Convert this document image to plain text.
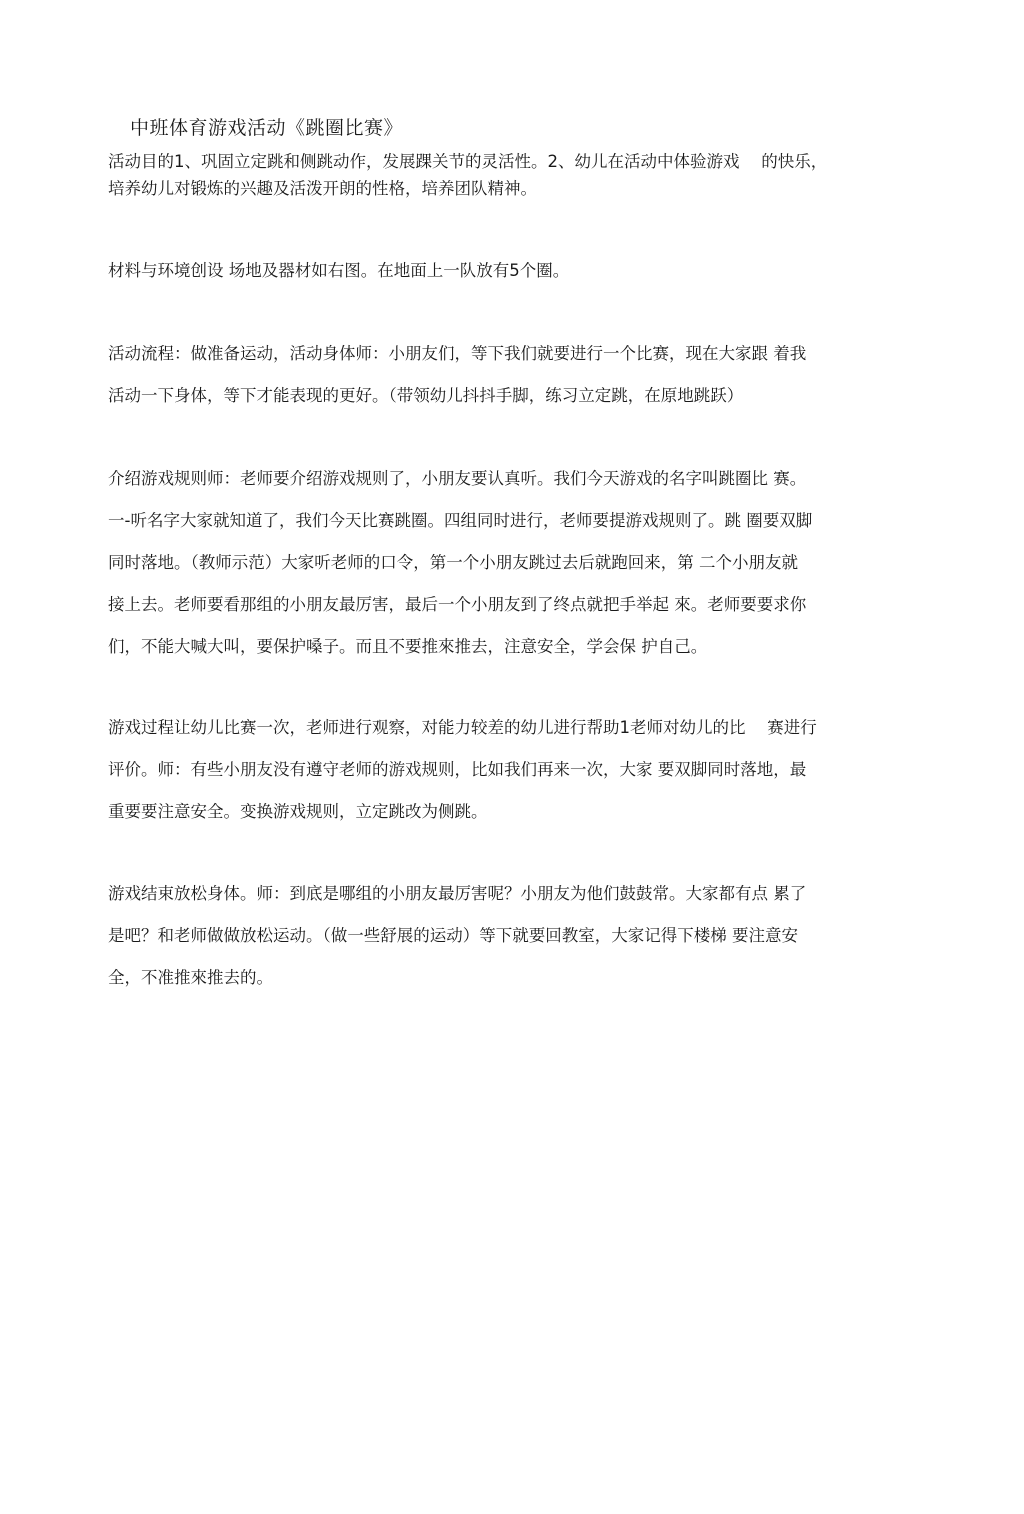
中班体育游戏活动《跳圈比赛》
活动目的1、巩固立定跳和侧跳动作，发展踝关节的灵活性。2、幼儿在活动中体验游戏　 的快乐，
培养幼儿对锻炼的兴趣及活泼开朗的性格，培养团队精神。
材料与环境创设 场地及器材如右图。在地面上一队放有5个圈。
活动流程：做准备运动，活动身体师：小朋友们，等下我们就要进行一个比赛，现在大家跟 着我
活动一下身体，等下才能表现的更好。（带领幼儿抖抖手脚，练习立定跳，在原地跳跃）
介绍游戏规则师：老师要介绍游戏规则了，小朋友要认真听。我们今天游戏的名字叫跳圈比 赛。
一-听名字大家就知道了，我们今天比赛跳圈。四组同时进行，老师要提游戏规则了。跳 圈要双脚
同时落地。（教师示范）大家听老师的口令，第一个小朋友跳过去后就跑回来，第 二个小朋友就
接上去。老师要看那组的小朋友最厉害，最后一个小朋友到了终点就把手举起 來。老师要要求你
们，不能大喊大叫，要保护嗓子。而且不要推來推去，注意安全，学会保 护自己。
游戏过程让幼儿比赛一次，老师进行观察，对能力较差的幼儿进行帮助1老师对幼儿的比　 赛进行
评价。师：有些小朋友没有遵守老师的游戏规则，比如我们再来一次，大家 要双脚同时落地，最
重要要注意安全。变换游戏规则，立定跳改为侧跳。
游戏结束放松身体。师：到底是哪组的小朋友最厉害呢？小朋友为他们鼓鼓常。大家都有点 累了
是吧？和老师做做放松运动。（做一些舒展的运动）等下就要回教室，大家记得下楼梯 要注意安
全，不准推來推去的。
